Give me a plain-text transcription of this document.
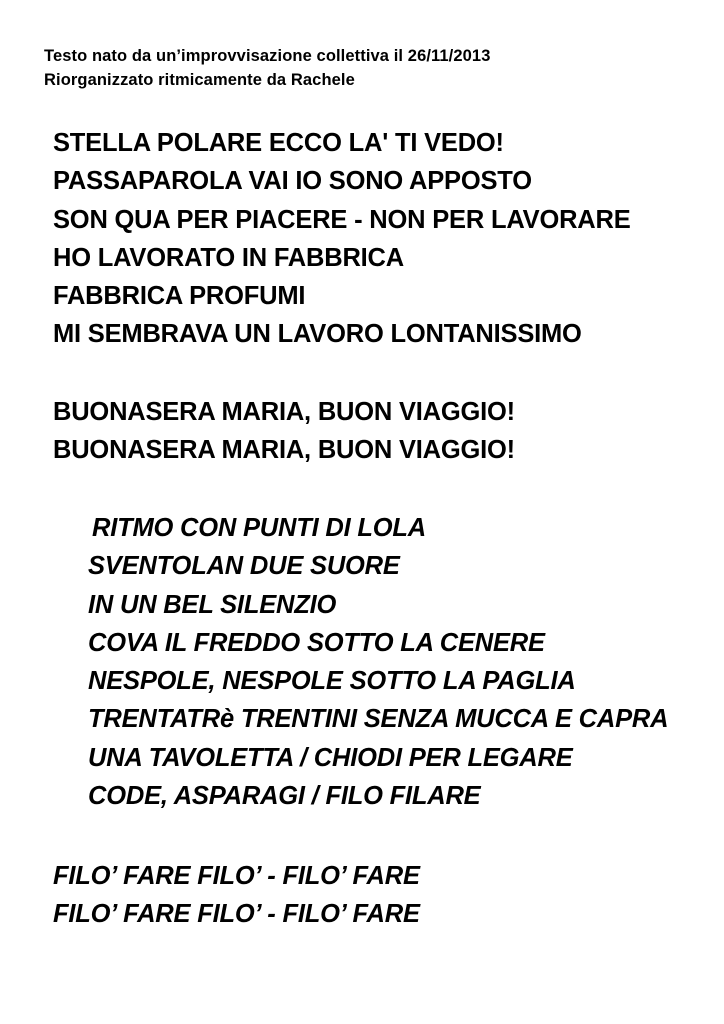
Testo nato da un’improvvisazione collettiva il 26/11/2013
Riorganizzato ritmicamente da Rachele
STELLA POLARE ECCO LA' TI VEDO!
PASSAPAROLA VAI IO SONO APPOSTO
SON QUA PER PIACERE - NON PER LAVORARE
HO LAVORATO IN FABBRICA
FABBRICA PROFUMI
MI SEMBRAVA UN LAVORO LONTANISSIMO
BUONASERA MARIA, BUON VIAGGIO!
BUONASERA MARIA, BUON VIAGGIO!
RITMO CON PUNTI DI LOLA
SVENTOLAN DUE SUORE
IN UN BEL SILENZIO
COVA IL FREDDO SOTTO LA CENERE
NESPOLE, NESPOLE SOTTO LA PAGLIA
TRENTATRè TRENTINI SENZA MUCCA E CAPRA
UNA TAVOLETTA / CHIODI PER LEGARE
CODE, ASPARAGI / FILO FILARE
FILO’ FARE FILO’ - FILO’ FARE
FILO’ FARE FILO’ - FILO’ FARE
